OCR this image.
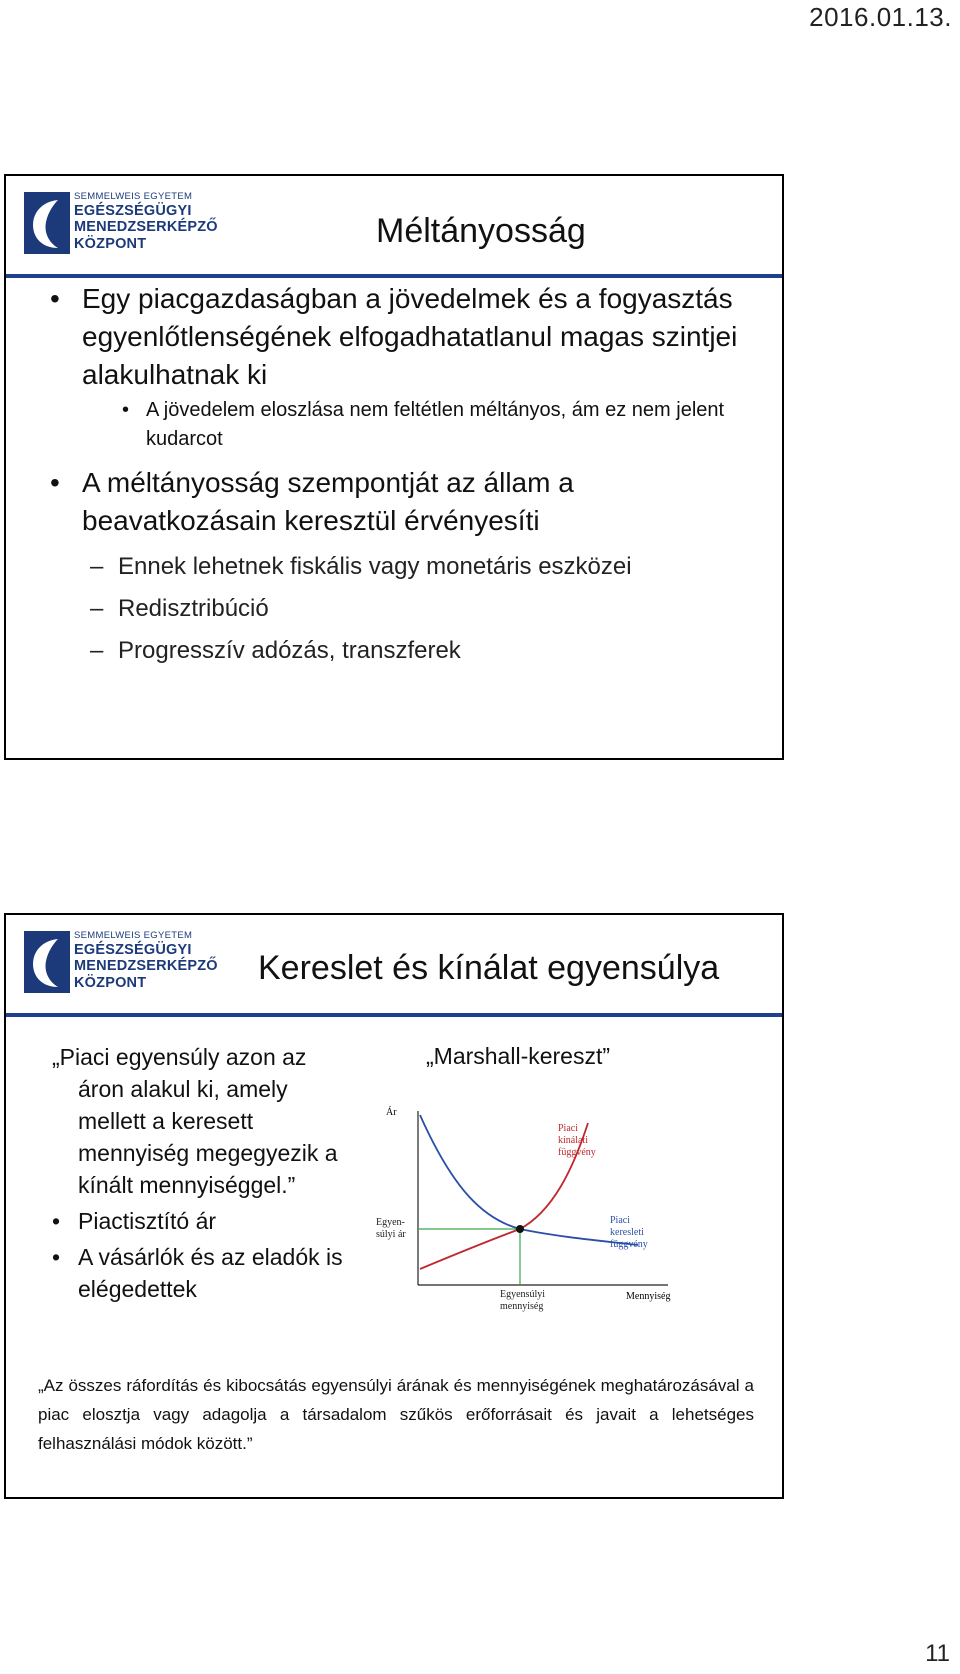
2016.01.13.
SEMMELWEIS EGYETEM
EGÉSZSÉGÜGYI
MENEDZSERKÉPZŐ
KÖZPONT	Méltányosság
• Egy piacgazdaságban a jövedelmek és a fogyasztás egyenlőtlenségének elfogadhatatlanul magas szintjei alakulhatnak ki
• A jövedelem eloszlása nem feltétlen méltányos, ám ez nem jelent kudarcot
• A méltányosság szempontját az állam a beavatkozásain keresztül érvényesíti
– Ennek lehetnek fiskális vagy monetáris eszközei
– Redisztribúció
– Progresszív adózás, transzferek
SEMMELWEIS EGYETEM
EGÉSZSÉGÜGYI
MENEDZSERKÉPZŐ
KÖZPONT	Kereslet és kínálat egyensúlya
„Piaci egyensúly azon az áron alakul ki, amely mellett a keresett mennyiség megegyezik a kínált mennyiséggel.”
• Piactisztító ár
• A vásárlók és az eladók is elégedettek
„Marshall-kereszt”
Ár
Mennyiség
Piaci kínálati függvény
Piaci keresleti függvény
Egyen- súlyi ár
Egyensúlyi mennyiség
„Az összes ráfordítás és kibocsátás egyensúlyi árának és mennyiségének meghatározásával a piac elosztja vagy adagolja a társadalom szűkös erőforrásait és javait a lehetséges felhasználási módok között.”
11
